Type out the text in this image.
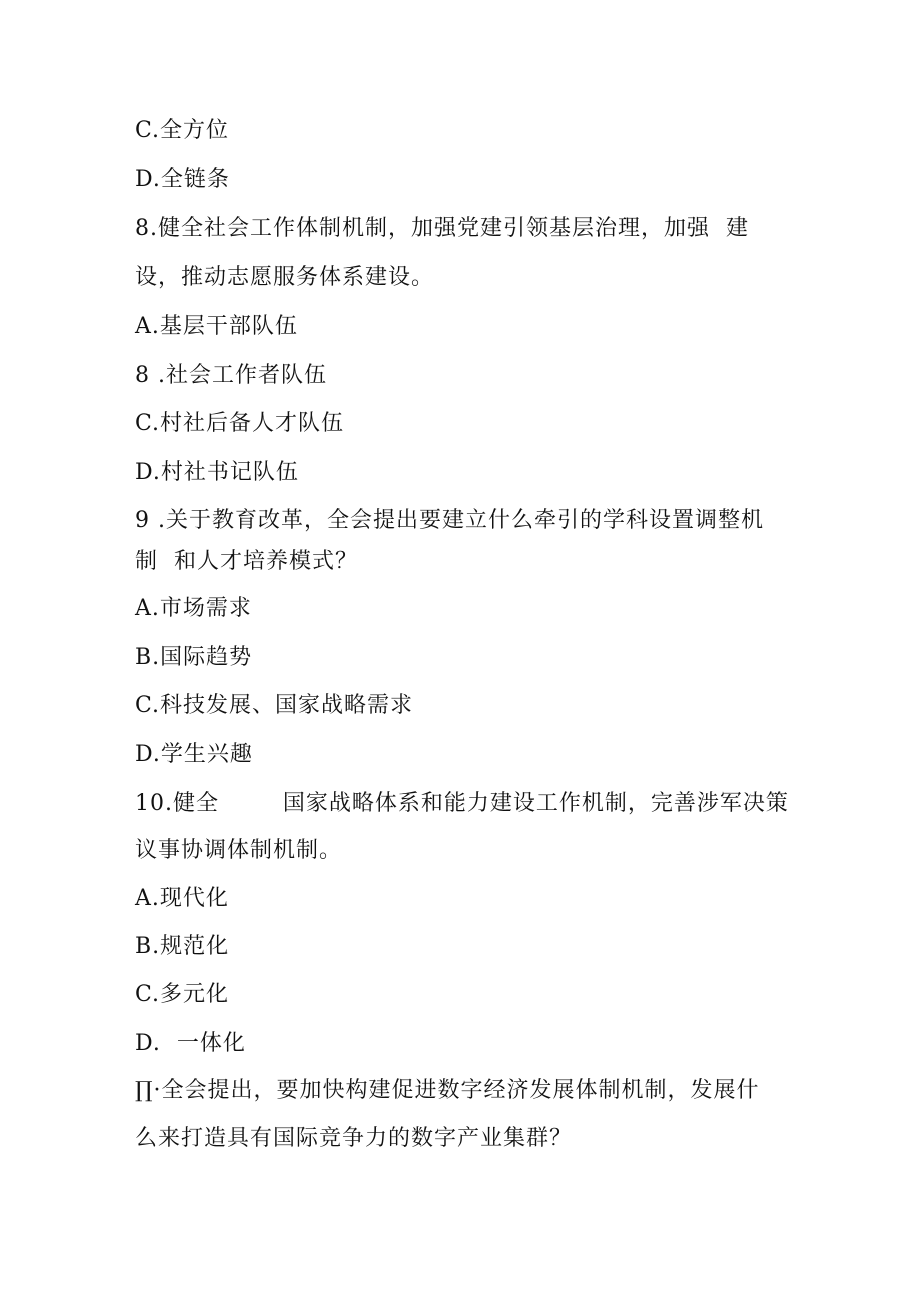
C.全方位
D.全链条
8.健全社会工作体制机制，加强党建引领基层治理，加强  建
设，推动志愿服务体系建设。
A.基层干部队伍
8 .社会工作者队伍
C.村社后备人才队伍
D.村社书记队伍
9 .关于教育改革，全会提出要建立什么牵引的学科设置调整机
制  和人才培养模式？
A.市场需求
B.国际趋势
C.科技发展、国家战略需求
D.学生兴趣
10.健全        国家战略体系和能力建设工作机制，完善涉军决策
议事协调体制机制。
A.现代化
B.规范化
C.多元化
D.  一体化
∏·全会提出，要加快构建促进数字经济发展体制机制，发展什
么来打造具有国际竞争力的数字产业集群？
